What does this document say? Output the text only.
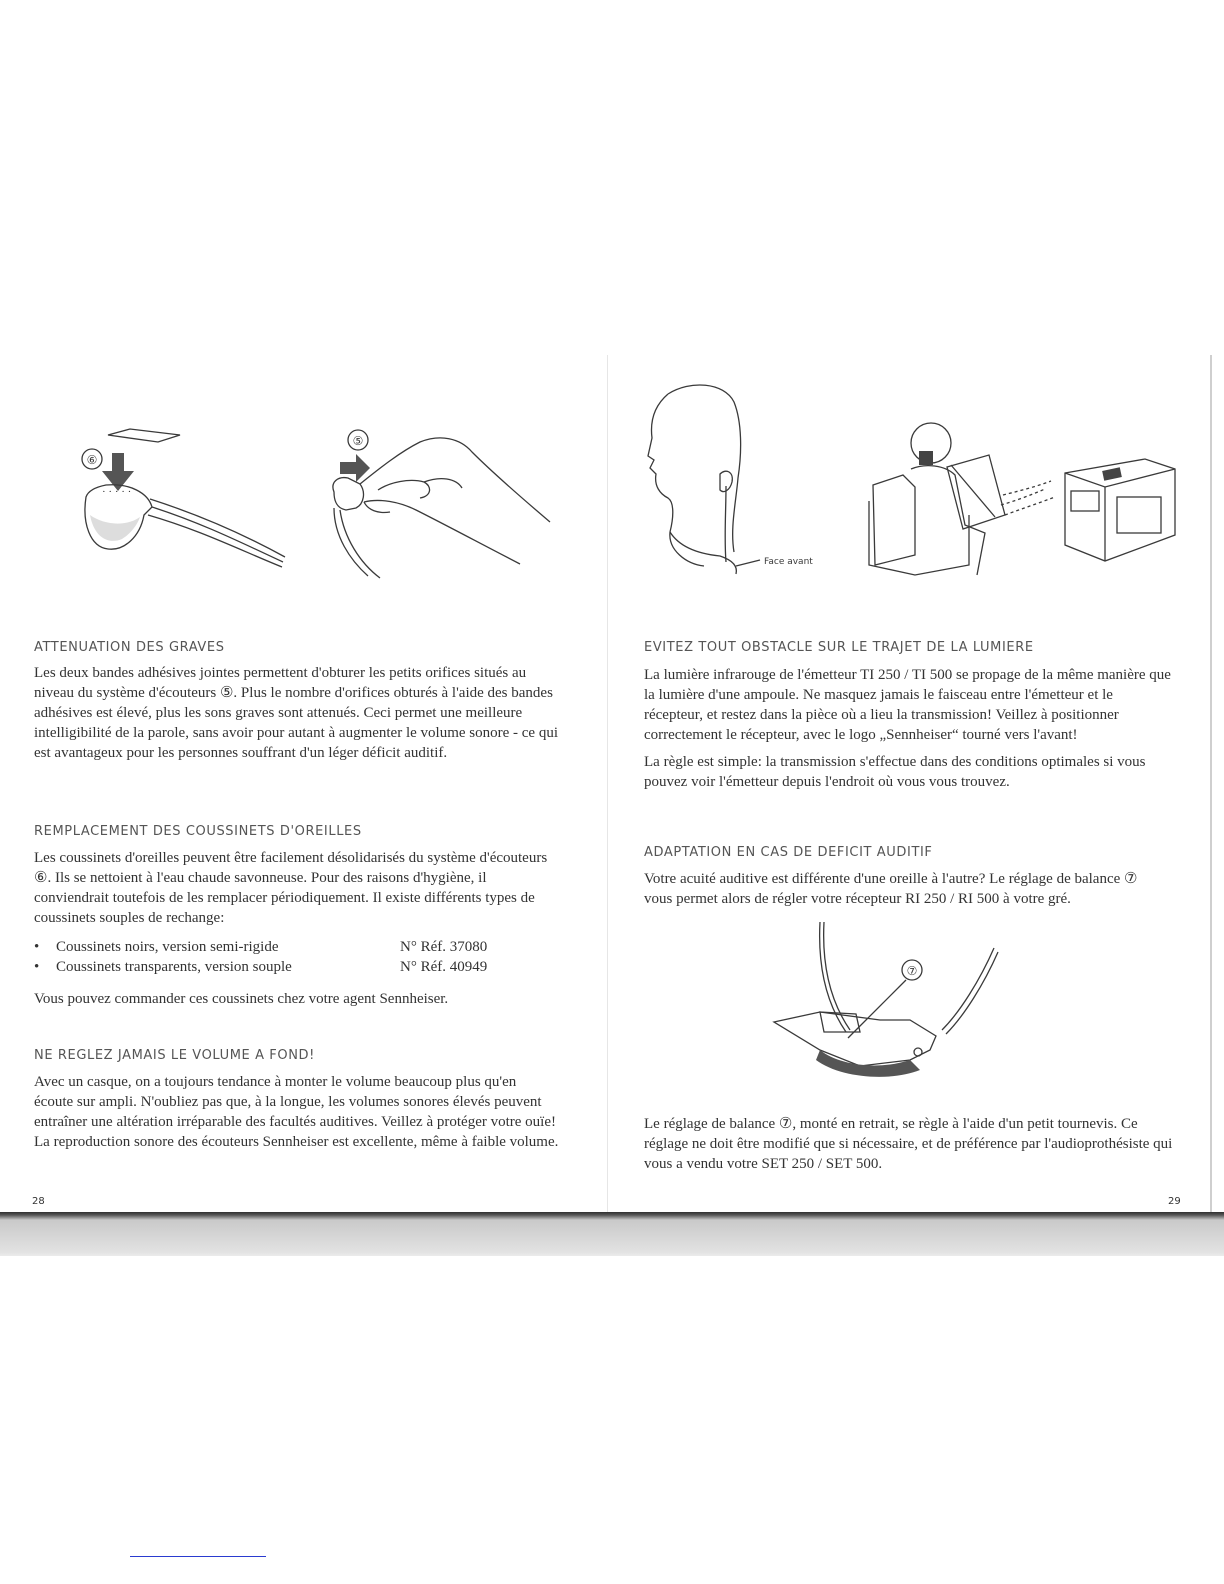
⑥
· · · · ·
⑤
ATTENUATION DES GRAVES

Les deux bandes adhésives jointes permettent d'obturer les petits orifices situés au niveau du système d'écouteurs ⑤. Plus le nombre d'orifices obturés à l'aide des bandes adhésives est élevé, plus les sons graves sont attenués. Ceci permet une meilleure intelligibilité de la parole, sans avoir pour autant à augmenter le volume sonore - ce qui est avantageux pour les personnes souffrant d'un léger déficit auditif.

REMPLACEMENT DES COUSSINETS D'OREILLES

Les coussinets d'oreilles peuvent être facilement désolidarisés du système d'écouteurs ⑥. Ils se nettoient à l'eau chaude savonneuse. Pour des raisons d'hygiène, il conviendrait toutefois de les remplacer périodiquement. Il existe différents types de coussinets souples de rechange:

• Coussinets noirs, version semi-rigide	N° Réf. 37080
• Coussinets transparents, version souple	N° Réf. 40949

Vous pouvez commander ces coussinets chez votre agent Sennheiser.

NE REGLEZ JAMAIS LE VOLUME A FOND!

Avec un casque, on a toujours tendance à monter le volume beaucoup plus qu'en écoute sur ampli. N'oubliez pas que, à la longue, les volumes sonores élevés peuvent entraîner une altération irréparable des facultés auditives. Veillez à protéger votre ouïe! La reproduction sonore des écouteurs Sennheiser est excellente, même à faible volume.

28
Face avant
EVITEZ TOUT OBSTACLE SUR LE TRAJET DE LA LUMIERE

La lumière infrarouge de l'émetteur TI 250 / TI 500 se propage de la même manière que la lumière d'une ampoule. Ne masquez jamais le faisceau entre l'émetteur et le récepteur, et restez dans la pièce où a lieu la transmission! Veillez à positionner correctement le récepteur, avec le logo „Sennheiser“ tourné vers l'avant!

La règle est simple: la transmission s'effectue dans des conditions optimales si vous pouvez voir l'émetteur depuis l'endroit où vous vous trouvez.

ADAPTATION EN CAS DE DEFICIT AUDITIF

Votre acuité auditive est différente d'une oreille à l'autre? Le réglage de balance ⑦ vous permet alors de régler votre récepteur RI 250 / RI 500 à votre gré.

⑦

Le réglage de balance ⑦, monté en retrait, se règle à l'aide d'un petit tournevis. Ce réglage ne doit être modifié que si nécessaire, et de préférence par l'audioprothésiste qui vous a vendu votre SET 250 / SET 500.

29
